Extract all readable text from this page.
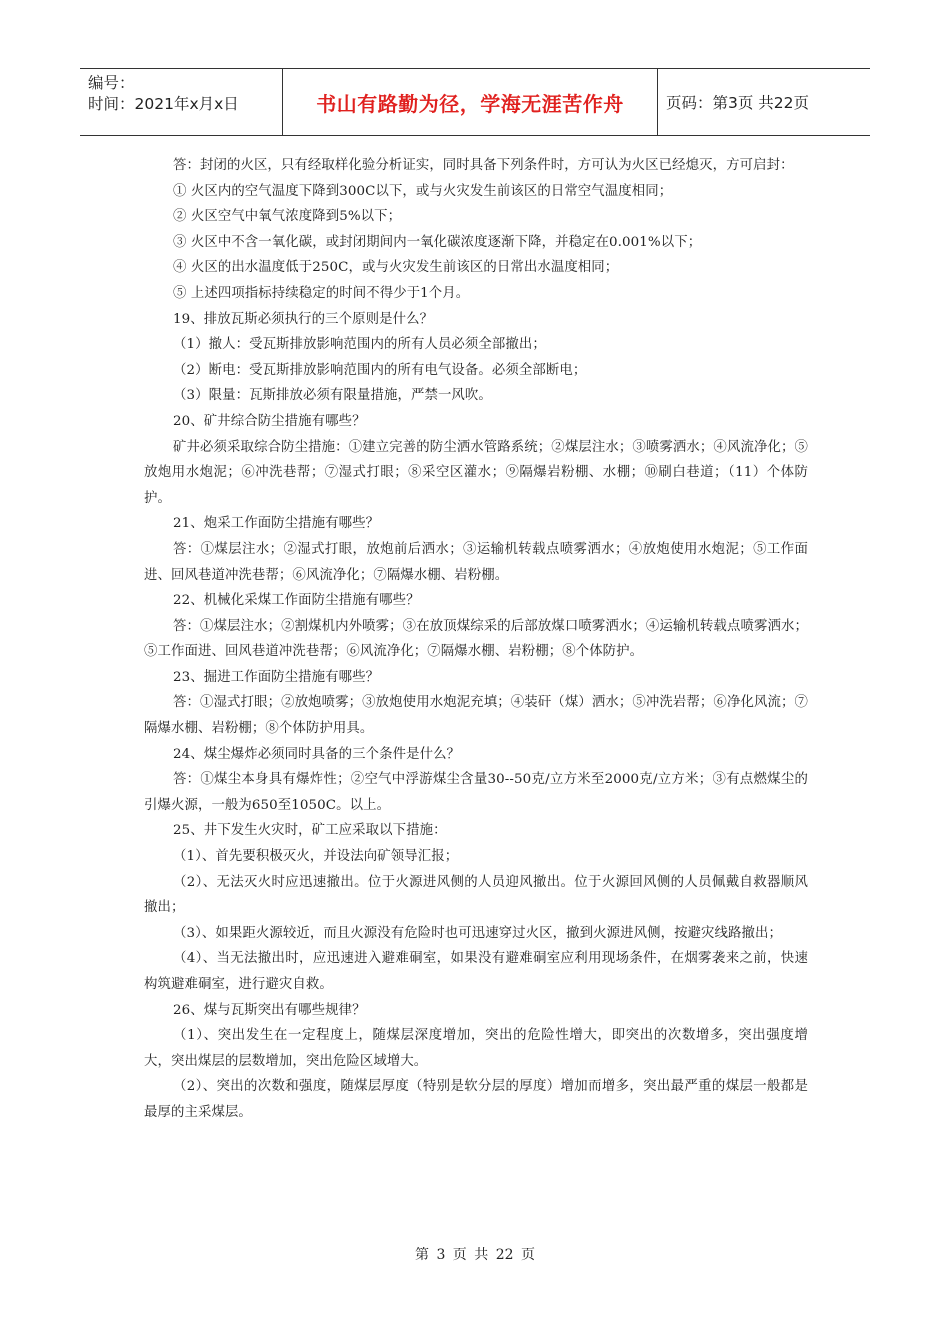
编号：
时间：2021年x月x日	书山有路勤为径，学海无涯苦作舟	页码：第3页 共22页

答：封闭的火区，只有经取样化验分析证实，同时具备下列条件时，方可认为火区已经熄灭，方可启封：

① 火区内的空气温度下降到300C以下，或与火灾发生前该区的日常空气温度相同；

② 火区空气中氧气浓度降到5%以下；

③ 火区中不含一氧化碳，或封闭期间内一氧化碳浓度逐渐下降，并稳定在0.001%以下；

④ 火区的出水温度低于250C，或与火灾发生前该区的日常出水温度相同；

⑤ 上述四项指标持续稳定的时间不得少于1个月。

19、排放瓦斯必须执行的三个原则是什么？

（1）撤人：受瓦斯排放影响范围内的所有人员必须全部撤出；

（2）断电：受瓦斯排放影响范围内的所有电气设备。必须全部断电；

（3）限量：瓦斯排放必须有限量措施，严禁一风吹。

20、矿井综合防尘措施有哪些？

矿井必须采取综合防尘措施：①建立完善的防尘洒水管路系统；②煤层注水；③喷雾洒水；④风流净化；⑤放炮用水炮泥；⑥冲洗巷帮；⑦湿式打眼；⑧采空区灌水；⑨隔爆岩粉棚、水棚；⑩刷白巷道；（11）个体防护。

21、炮采工作面防尘措施有哪些？

答：①煤层注水；②湿式打眼，放炮前后洒水；③运输机转载点喷雾洒水；④放炮使用水炮泥；⑤工作面进、回风巷道冲洗巷帮；⑥风流净化；⑦隔爆水棚、岩粉棚。

22、机械化采煤工作面防尘措施有哪些？

答：①煤层注水；②割煤机内外喷雾；③在放顶煤综采的后部放煤口喷雾洒水；④运输机转载点喷雾洒水；⑤工作面进、回风巷道冲洗巷帮；⑥风流净化；⑦隔爆水棚、岩粉棚；⑧个体防护。

23、掘进工作面防尘措施有哪些？

答：①湿式打眼；②放炮喷雾；③放炮使用水炮泥充填；④装矸（煤）洒水；⑤冲洗岩帮；⑥净化风流；⑦隔爆水棚、岩粉棚；⑧个体防护用具。

24、煤尘爆炸必须同时具备的三个条件是什么？

答：①煤尘本身具有爆炸性；②空气中浮游煤尘含量30--50克/立方米至2000克/立方米；③有点燃煤尘的引爆火源，一般为650至1050C。以上。

25、井下发生火灾时，矿工应采取以下措施：

（1）、首先要积极灭火，并设法向矿领导汇报；

（2）、无法灭火时应迅速撤出。位于火源进风侧的人员迎风撤出。位于火源回风侧的人员佩戴自救器顺风撤出；

（3）、如果距火源较近，而且火源没有危险时也可迅速穿过火区，撤到火源进风侧，按避灾线路撤出；

（4）、当无法撤出时，应迅速进入避难硐室，如果没有避难硐室应利用现场条件，在烟雾袭来之前，快速构筑避难硐室，进行避灾自救。

26、煤与瓦斯突出有哪些规律？

（1）、突出发生在一定程度上，随煤层深度增加，突出的危险性增大，即突出的次数增多，突出强度增大，突出煤层的层数增加，突出危险区域增大。

（2）、突出的次数和强度，随煤层厚度（特别是软分层的厚度）增加而增多，突出最严重的煤层一般都是最厚的主采煤层。

第 3 页 共 22 页
